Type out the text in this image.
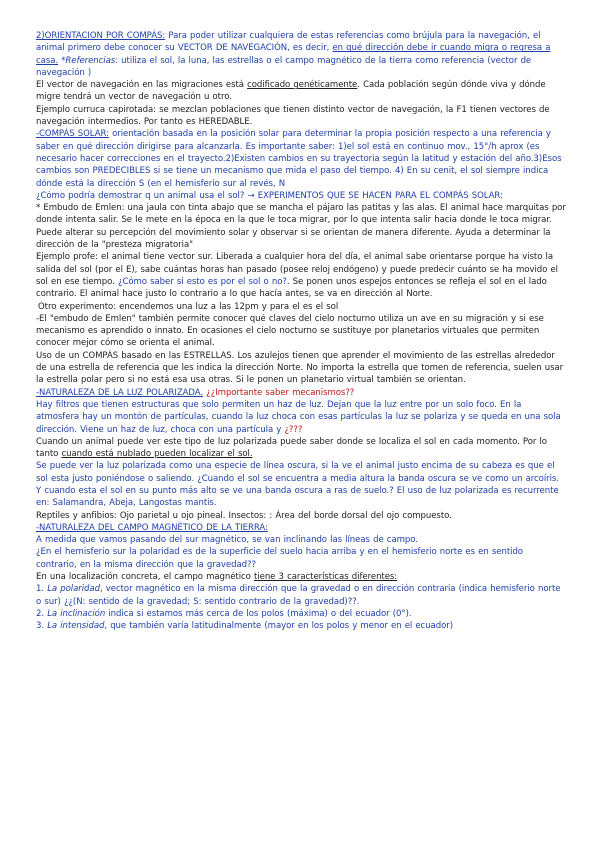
2)ORIENTACION POR COMPÁS: Para poder utilizar cualquiera de estas referencias como brújula para la navegación, el animal primero debe conocer su VECTOR DE NAVEGACIÓN, es decir, en qué dirección debe ir cuando migra o regresa a casa. *Referencias: utiliza el sol, la luna, las estrellas o el campo magnético de la tierra como referencia (vector de navegación )

El vector de navegación en las migraciones está codificado genéticamente. Cada población según dónde viva y dónde migre tendrá un vector de navegación u otro.

Ejemplo curruca capirotada: se mezclan poblaciones que tienen distinto vector de navegación, la F1 tienen vectores de navegación intermedios. Por tanto es HEREDABLE.

-COMPÁS SOLAR: orientación basada en la posición solar para determinar la propia posición respecto a una referencia y saber en qué dirección dirigirse para alcanzarla. Es importante saber: 1)el sol está en continuo mov., 15°/h aprox (es necesario hacer correcciones en el trayecto.2)Existen cambios en su trayectoria según la latitud y estación del año.3)Esos cambios son PREDECIBLES si se tiene un mecanismo que mida el paso del tiempo. 4) En su cenit, el sol siempre indica dónde está la dirección S (en el hemisferio sur al revés, N

¿Cómo podría demostrar q un animal usa el sol? → EXPERIMENTOS QUE SE HACEN PARA EL COMPÁS SOLAR:
* Embudo de Emlen: una jaula con tinta abajo que se mancha el pájaro las patitas y las alas. El animal hace marquitas por donde intenta salir. Se le mete en la época en la que le toca migrar, por lo que intenta salir hacia donde le toca migrar. Puede alterar su percepción del movimiento solar y observar si se orientan de manera diferente. Ayuda a determinar la dirección de la "presteza migratoria"

Ejemplo profe: el animal tiene vector sur. Liberada a cualquier hora del día, el animal sabe orientarse porque ha visto la salida del sol (por el E), sabe cuántas horas han pasado (posee reloj endógeno) y puede predecir cuánto se ha movido el sol en ese tiempo. ¿Cómo saber si esto es por el sol o no?. Se ponen unos espejos entonces se refleja el sol en el lado contrario. El animal hace justo lo contrario a lo que hacía antes, se va en dirección al Norte.

Otro experimento: encendemos una luz a las 12pm y para el es el sol

-El "embudo de Emlen" también permite conocer qué claves del cielo nocturno utiliza un ave en su migración y si ese mecanismo es aprendido o innato. En ocasiones el cielo nocturno se sustituye por planetarios virtuales que permiten conocer mejor cómo se orienta el animal.

Uso de un COMPÁS basado en las ESTRELLAS. Los azulejos tienen que aprender el movimiento de las estrellas alrededor de una estrella de referencia que les indica la dirección Norte. No importa la estrella que tomen de referencia, suelen usar la estrella polar pero si no está esa usa otras. Si le ponen un planetario virtual también se orientan.

-NATURALEZA DE LA LUZ POLARIZADA. ¿¿Importante saber mecanismos??

Hay filtros que tienen estructuras que solo permiten un haz de luz. Dejan que la luz entre por un solo foco. En la atmosfera hay un montón de partículas, cuando la luz choca con esas partículas la luz se polariza y se queda en una sola dirección. Viene un haz de luz, choca con una partícula y ¿???

Cuando un animal puede ver este tipo de luz polarizada puede saber donde se localiza el sol en cada momento. Por lo tanto cuando está nublado pueden localizar el sol.

Se puede ver la luz polarizada como una especie de línea oscura, si la ve el animal justo encima de su cabeza es que el sol esta justo poniéndose o saliendo. ¿Cuando el sol se encuentra a media altura la banda oscura se ve como un arcoíris. Y cuando esta el sol en su punto más alto se ve una banda oscura a ras de suelo.? El uso de luz polarizada es recurrente en: Salamandra, Abeja, Langostas mantis.

Reptiles y anfibios: Ojo parietal u ojo pineal. Insectos: : Área del borde dorsal del ojo compuesto.

-NATURALEZA DEL CAMPO MAGNÉTICO DE LA TIERRA:

A medida que vamos pasando del sur magnético, se van inclinando las líneas de campo.

¿En el hemisferio sur la polaridad es de la superficie del suelo hacia arriba y en el hemisferio norte es en sentido contrario, en la misma dirección que la gravedad??

En una localización concreta, el campo magnético tiene 3 características diferentes:

1. La polaridad, vector magnético en la misma dirección que la gravedad o en dirección contraria (indica hemisferio norte o sur) ¿¿(N: sentido de la gravedad; S: sentido contrario de la gravedad)??.

2. La inclinación indica si estamos más cerca de los polos (máxima) o del ecuador (0°).

3. La intensidad, que también varía latitudinalmente (mayor en los polos y menor en el ecuador)
